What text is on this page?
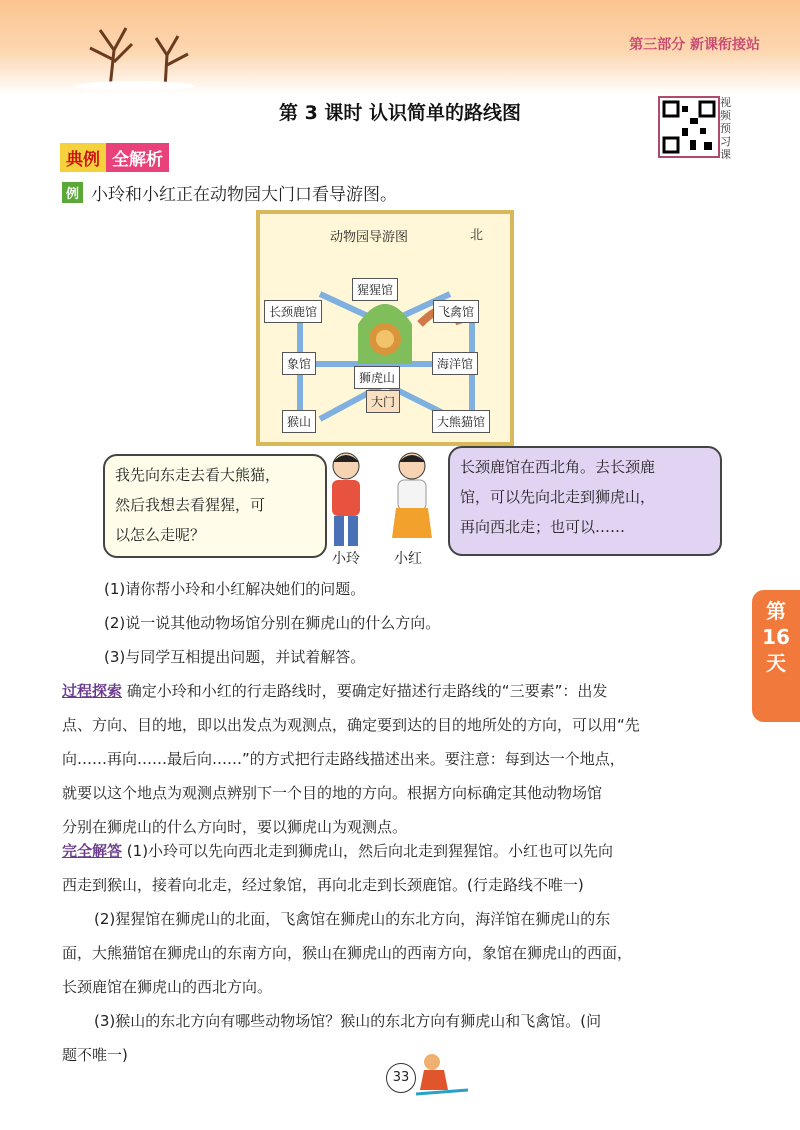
第三部分 新课衔接站
第 3 课时 认识简单的路线图	视频预习课
典例 全解析
例 小玲和小红正在动物园大门口看导游图。
动物园导游图	北
猩猩馆
长颈鹿馆	飞禽馆
象馆	海洋馆
狮虎山
大门
猴山	大熊猫馆
我先向东走去看大熊猫，
然后我想去看猩猩，可
以怎么走呢？
小玲 小红
长颈鹿馆在西北角。去长颈鹿
馆，可以先向北走到狮虎山，
再向西北走；也可以……
(1)请你帮小玲和小红解决她们的问题。
(2)说一说其他动物场馆分别在狮虎山的什么方向。
(3)与同学互相提出问题，并试着解答。
过程探索 确定小玲和小红的行走路线时，要确定好描述行走路线的“三要素”：出发
点、方向、目的地，即以出发点为观测点，确定要到达的目的地所处的方向，可以用“先
向……再向……最后向……”的方式把行走路线描述出来。要注意：每到达一个地点，
就要以这个地点为观测点辨别下一个目的地的方向。根据方向标确定其他动物场馆
分别在狮虎山的什么方向时，要以狮虎山为观测点。
完全解答 (1)小玲可以先向西北走到狮虎山，然后向北走到猩猩馆。小红也可以先向
西走到猴山，接着向北走，经过象馆，再向北走到长颈鹿馆。(行走路线不唯一)
(2)猩猩馆在狮虎山的北面，飞禽馆在狮虎山的东北方向，海洋馆在狮虎山的东
面，大熊猫馆在狮虎山的东南方向，猴山在狮虎山的西南方向，象馆在狮虎山的西面，
长颈鹿馆在狮虎山的西北方向。
(3)猴山的东北方向有哪些动物场馆？猴山的东北方向有狮虎山和飞禽馆。(问
题不唯一)
第
16
天
33
